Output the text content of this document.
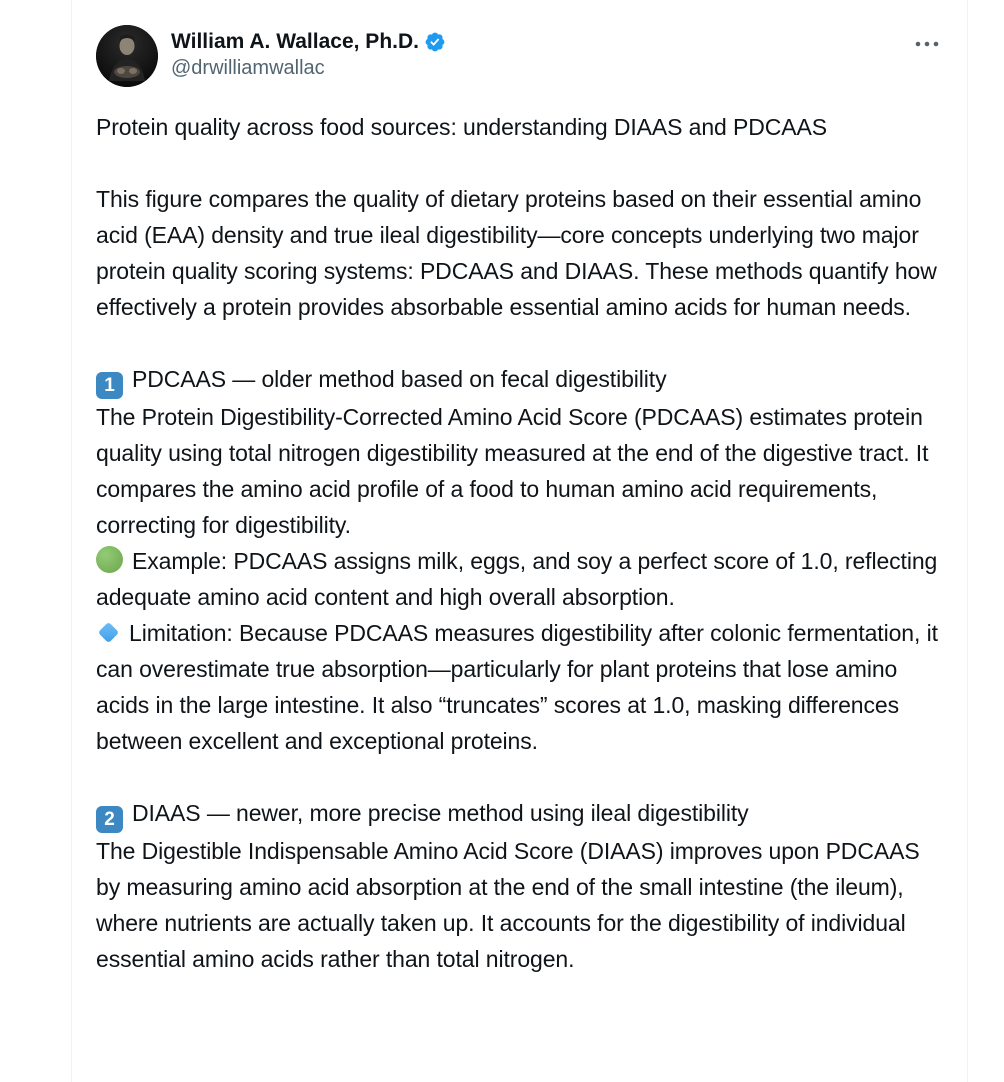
William A. Wallace, Ph.D.
@drwilliamwallac

Protein quality across food sources: understanding DIAAS and PDCAAS

This figure compares the quality of dietary proteins based on their essential amino acid (EAA) density and true ileal digestibility—core concepts underlying two major protein quality scoring systems: PDCAAS and DIAAS. These methods quantify how effectively a protein provides absorbable essential amino acids for human needs.

1 PDCAAS — older method based on fecal digestibility
The Protein Digestibility-Corrected Amino Acid Score (PDCAAS) estimates protein quality using total nitrogen digestibility measured at the end of the digestive tract. It compares the amino acid profile of a food to human amino acid requirements, correcting for digestibility.
Example: PDCAAS assigns milk, eggs, and soy a perfect score of 1.0, reflecting adequate amino acid content and high overall absorption.
Limitation: Because PDCAAS measures digestibility after colonic fermentation, it can overestimate true absorption—particularly for plant proteins that lose amino acids in the large intestine. It also “truncates” scores at 1.0, masking differences between excellent and exceptional proteins.

2 DIAAS — newer, more precise method using ileal digestibility
The Digestible Indispensable Amino Acid Score (DIAAS) improves upon PDCAAS by measuring amino acid absorption at the end of the small intestine (the ileum), where nutrients are actually taken up. It accounts for the digestibility of individual essential amino acids rather than total nitrogen.
